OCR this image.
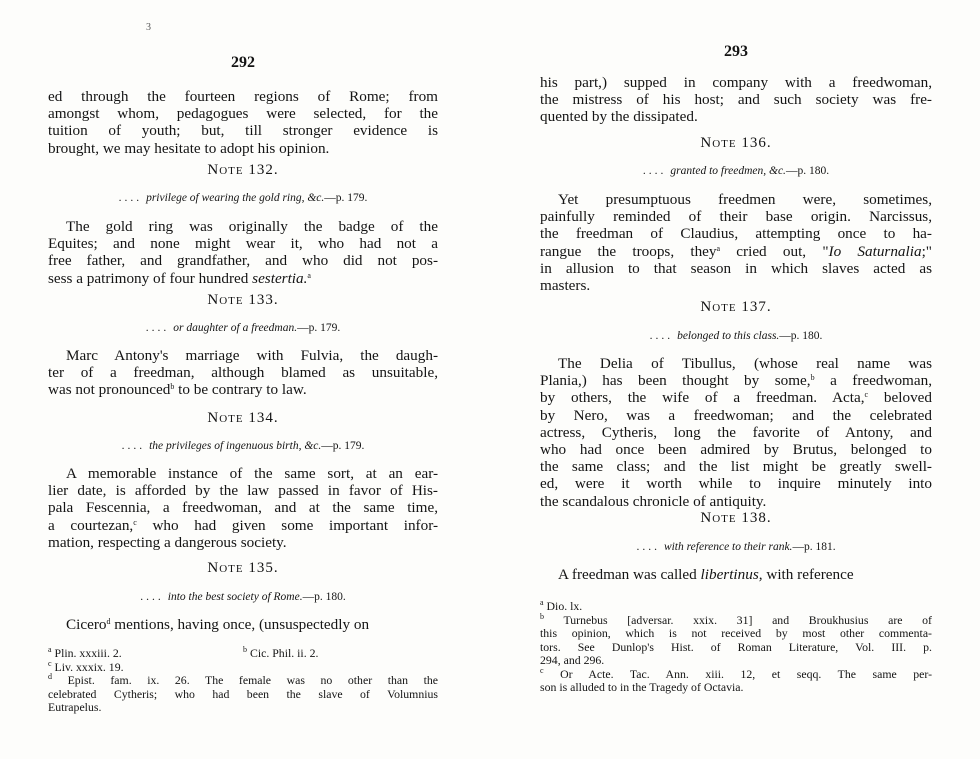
3
292
ed through the fourteen regions of Rome; from
amongst whom, pedagogues were selected, for the
tuition of youth; but, till stronger evidence is
brought, we may hesitate to adopt his opinion.
Note 132.
.... privilege of wearing the gold ring, &c.—p. 179.
The gold ring was originally the badge of the
Equites; and none might wear it, who had not a
free father, and grandfather, and who did not pos-
sess a patrimony of four hundred sestertia.$^a$
Note 133.
.... or daughter of a freedman.—p. 179.
Marc Antony's marriage with Fulvia, the daugh-
ter of a freedman, although blamed as unsuitable,
was not pronounced$^b$ to be contrary to law.
Note 134.
.... the privileges of ingenuous birth, &c.—p. 179.
A memorable instance of the same sort, at an ear-
lier date, is afforded by the law passed in favor of His-
pala Fescennia, a freedwoman, and at the same time,
a courtezan,$^c$ who had given some important infor-
mation, respecting a dangerous society.
Note 135.
.... into the best society of Rome.—p. 180.
Cicero$^d$ mentions, having once, (unsuspectedly on
$^a$ Plin. xxxiii. 2.	$^b$ Cic. Phil. ii. 2.
$^c$ Liv. xxxix. 19.
$^d$ Epist. fam. ix. 26. The female was no other than the
celebrated Cytheris; who had been the slave of Volumnius
Eutrapelus.
293
his part,) supped in company with a freedwoman,
the mistress of his host; and such society was fre-
quented by the dissipated.
Note 136.
.... granted to freedmen, &c.—p. 180.
Yet presumptuous freedmen were, sometimes,
painfully reminded of their base origin. Narcissus,
the freedman of Claudius, attempting once to ha-
rangue the troops, they$^a$ cried out, "Io Saturnalia;"
in allusion to that season in which slaves acted as
masters.
Note 137.
.... belonged to this class.—p. 180.
The Delia of Tibullus, (whose real name was
Plania,) has been thought by some,$^b$ a freedwoman,
by others, the wife of a freedman. Acta,$^c$ beloved
by Nero, was a freedwoman; and the celebrated
actress, Cytheris, long the favorite of Antony, and
who had once been admired by Brutus, belonged to
the same class; and the list might be greatly swell-
ed, were it worth while to inquire minutely into
the scandalous chronicle of antiquity.
Note 138.
.... with reference to their rank.—p. 181.
A freedman was called libertinus, with reference
$^a$ Dio. lx.
$^b$ Turnebus [adversar. xxix. 31] and Broukhusius are of
this opinion, which is not received by most other commenta-
tors. See Dunlop's Hist. of Roman Literature, Vol. III. p.
294, and 296.
$^c$ Or Acte. Tac. Ann. xiii. 12, et seqq. The same per-
son is alluded to in the Tragedy of Octavia.
